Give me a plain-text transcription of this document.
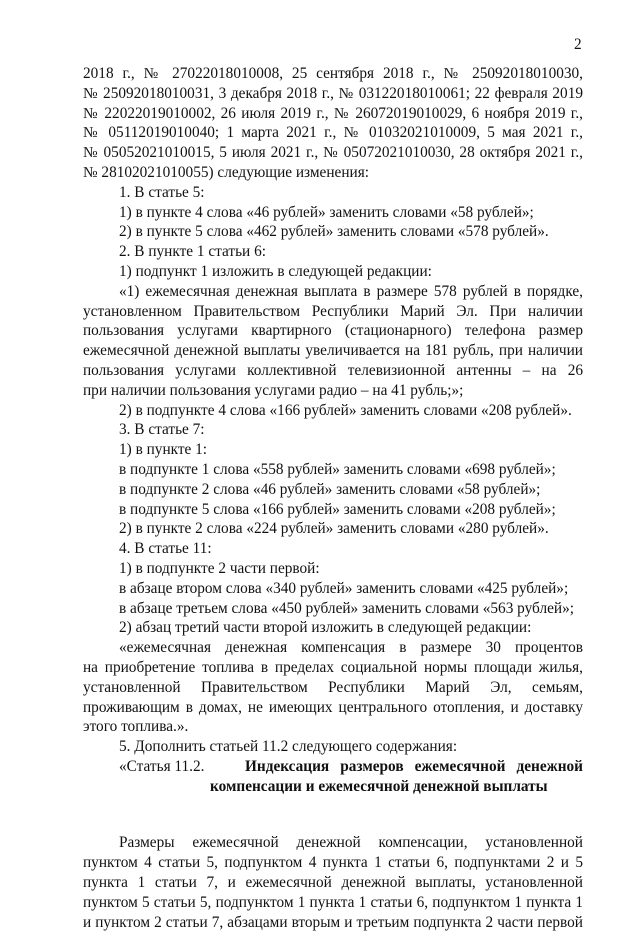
2
2018 г., № 27022018010008, 25 сентября 2018 г., № 25092018010030,
№ 25092018010031, 3 декабря 2018 г., № 03122018010061; 22 февраля 2019
№ 22022019010002, 26 июля 2019 г., № 26072019010029, 6 ноября 2019 г.,
№ 05112019010040; 1 марта 2021 г., № 01032021010009, 5 мая 2021 г.,
№ 05052021010015, 5 июля 2021 г., № 05072021010030, 28 октября 2021 г.,
№ 28102021010055) следующие изменения:
1. В статье 5:
1) в пункте 4 слова «46 рублей» заменить словами «58 рублей»;
2) в пункте 5 слова «462 рублей» заменить словами «578 рублей».
2. В пункте 1 статьи 6:
1) подпункт 1 изложить в следующей редакции:
«1) ежемесячная денежная выплата в размере 578 рублей в порядке,
установленном Правительством Республики Марий Эл. При наличии
пользования услугами квартирного (стационарного) телефона размер
ежемесячной денежной выплаты увеличивается на 181 рубль, при наличии
пользования услугами коллективной телевизионной антенны – на 26
при наличии пользования услугами радио – на 41 рубль;»;
2) в подпункте 4 слова «166 рублей» заменить словами «208 рублей».
3. В статье 7:
1) в пункте 1:
в подпункте 1 слова «558 рублей» заменить словами «698 рублей»;
в подпункте 2 слова «46 рублей» заменить словами «58 рублей»;
в подпункте 5 слова «166 рублей» заменить словами «208 рублей»;
2) в пункте 2 слова «224 рублей» заменить словами «280 рублей».
4. В статье 11:
1) в подпункте 2 части первой:
в абзаце втором слова «340 рублей» заменить словами «425 рублей»;
в абзаце третьем слова «450 рублей» заменить словами «563 рублей»;
2) абзац третий части второй изложить в следующей редакции:
«ежемесячная денежная компенсация в размере 30 процентов
на приобретение топлива в пределах социальной нормы площади жилья,
установленной Правительством Республики Марий Эл, семьям,
проживающим в домах, не имеющих центрального отопления, и доставку
этого топлива.».
5. Дополнить статьей 11.2 следующего содержания:
«Статья 11.2.	Индексация размеров ежемесячной денежной
компенсации и ежемесячной денежной выплаты
Размеры ежемесячной денежной компенсации, установленной
пунктом 4 статьи 5, подпунктом 4 пункта 1 статьи 6, подпунктами 2 и 5
пункта 1 статьи 7, и ежемесячной денежной выплаты, установленной
пунктом 5 статьи 5, подпунктом 1 пункта 1 статьи 6, подпунктом 1 пункта 1
и пунктом 2 статьи 7, абзацами вторым и третьим подпункта 2 части первой
